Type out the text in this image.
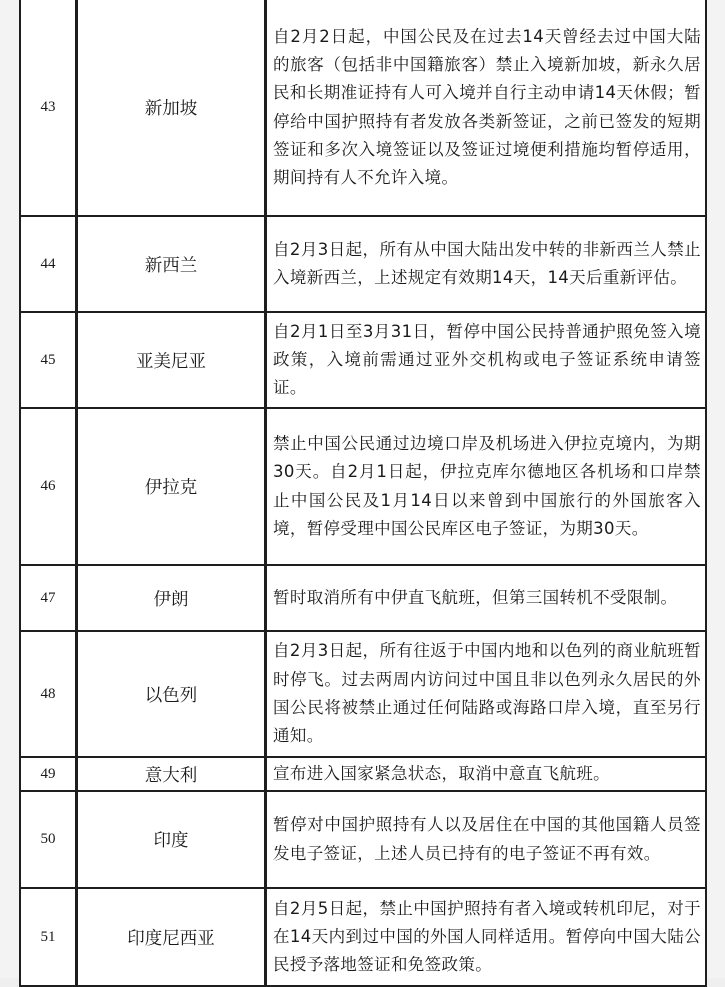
43	新加坡	自2月2日起，中国公民及在过去14天曾经去过中国大陆的旅客（包括非中国籍旅客）禁止入境新加坡，新永久居民和长期准证持有人可入境并自行主动申请14天休假；暂停给中国护照持有者发放各类新签证，之前已签发的短期签证和多次入境签证以及签证过境便利措施均暂停适用，期间持有人不允许入境。
44	新西兰	自2月3日起，所有从中国大陆出发中转的非新西兰人禁止入境新西兰，上述规定有效期14天，14天后重新评估。
45	亚美尼亚	自2月1日至3月31日，暂停中国公民持普通护照免签入境政策，入境前需通过亚外交机构或电子签证系统申请签证。
46	伊拉克	禁止中国公民通过边境口岸及机场进入伊拉克境内，为期30天。自2月1日起，伊拉克库尔德地区各机场和口岸禁止中国公民及1月14日以来曾到中国旅行的外国旅客入境，暂停受理中国公民库区电子签证，为期30天。
47	伊朗	暂时取消所有中伊直飞航班，但第三国转机不受限制。
48	以色列	自2月3日起，所有往返于中国内地和以色列的商业航班暂时停飞。过去两周内访问过中国且非以色列永久居民的外国公民将被禁止通过任何陆路或海路口岸入境，直至另行通知。
49	意大利	宣布进入国家紧急状态，取消中意直飞航班。
50	印度	暂停对中国护照持有人以及居住在中国的其他国籍人员签发电子签证，上述人员已持有的电子签证不再有效。
51	印度尼西亚	自2月5日起，禁止中国护照持有者入境或转机印尼，对于在14天内到过中国的外国人同样适用。暂停向中国大陆公民授予落地签证和免签政策。
